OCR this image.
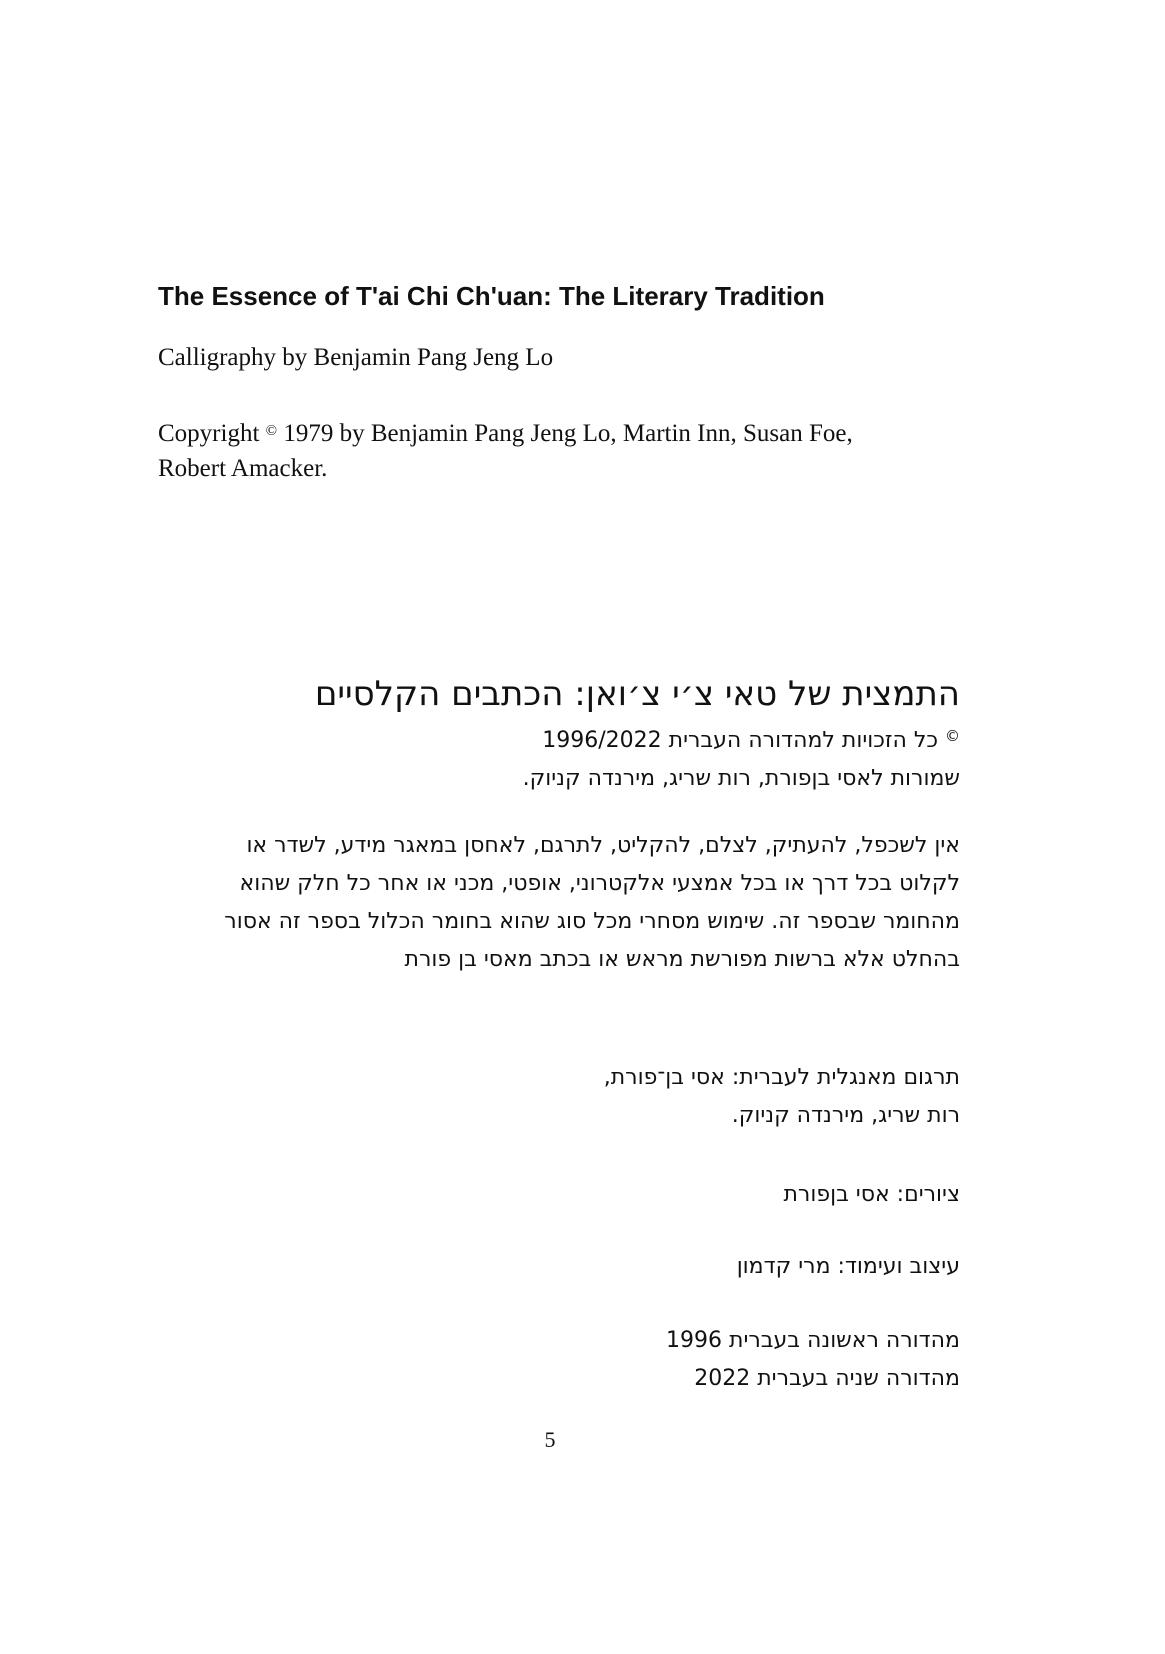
The Essence of T'ai Chi Ch'uan: The Literary Tradition
Calligraphy by Benjamin Pang Jeng Lo
Copyright © 1979 by Benjamin Pang Jeng Lo, Martin Inn, Susan Foe,
Robert Amacker.
התמצית של טאי צ׳י צ׳ואן: הכתבים הקלסיים
© כל הזכויות למהדורה העברית 1996/2022
שמורות לאסי בןפורת, רות שריג, מירנדה קניוק.
אין לשכפל, להעתיק, לצלם, להקליט, לתרגם, לאחסן במאגר מידע, לשדר או
לקלוט בכל דרך או בכל אמצעי אלקטרוני, אופטי, מכני או אחר כל חלק שהוא
מהחומר שבספר זה. שימוש מסחרי מכל סוג שהוא בחומר הכלול בספר זה אסור
בהחלט אלא ברשות מפורשת מראש או בכתב מאסי בן פורת
תרגום מאנגלית לעברית: אסי בן־פורת,
רות שריג, מירנדה קניוק.
ציורים: אסי בןפורת
עיצוב ועימוד: מרי קדמון
מהדורה ראשונה בעברית 1996
מהדורה שניה בעברית 2022
5
